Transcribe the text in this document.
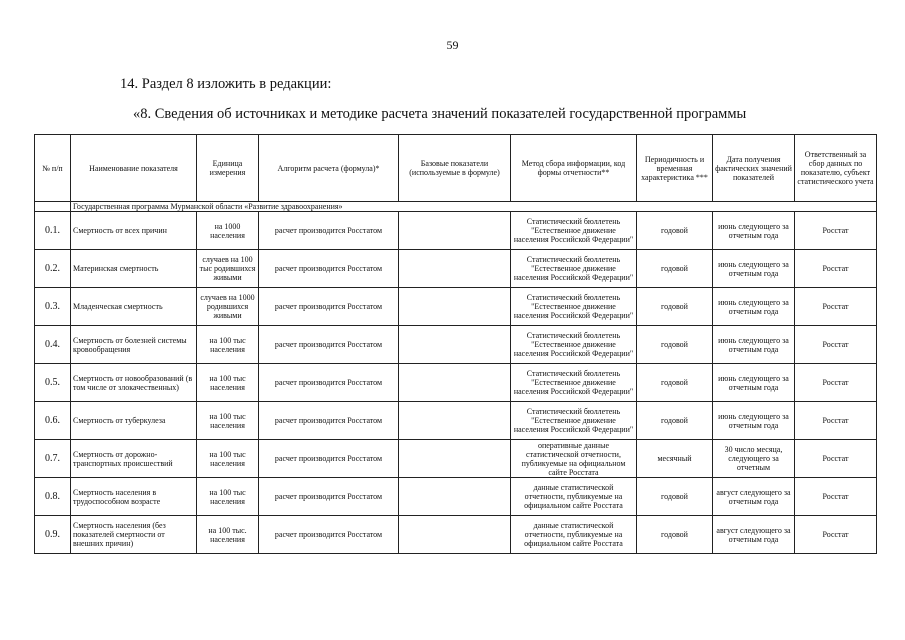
59
14. Раздел 8 изложить в редакции:
«8. Сведения об источниках и методике расчета значений показателей государственной программы
№ п/п	Наименование показателя	Единица измерения	Алгоритм расчета (формула)*	Базовые показатели (используемые в формуле)	Метод сбора информации, код формы отчетности**	Периодичность и временная характеристика ***	Дата получения фактических значений показателей	Ответственный за сбор данных по показателю, субъект статистического учета
	Государственная программа Мурманской области «Развитие здравоохранения»							
0.1.	Смертность от всех причин	на 1000 населения	расчет производится Росстатом		Статистический бюллетень "Естественное движение населения Российской Федерации"	годовой	июнь следующего за отчетным года	Росстат
0.2.	Материнская смертность	случаев на 100 тыс родившихся живыми	расчет производится Росстатом		Статистический бюллетень "Естественное движение населения Российской Федерации"	годовой	июнь следующего за отчетным года	Росстат
0.3.	Младенческая смертность	случаев на 1000 родившихся живыми	расчет производится Росстатом		Статистический бюллетень "Естественное движение населения Российской Федерации"	годовой	июнь следующего за отчетным года	Росстат
0.4.	Смертность от болезней системы кровообращения	на 100 тыс населения	расчет производится Росстатом		Статистический бюллетень "Естественное движение населения Российской Федерации"	годовой	июнь следующего за отчетным года	Росстат
0.5.	Смертность от новообразований (в том числе от злокачественных)	на 100 тыс населения	расчет производится Росстатом		Статистический бюллетень "Естественное движение населения Российской Федерации"	годовой	июнь следующего за отчетным года	Росстат
0.6.	Смертность от туберкулеза	на 100 тыс населения	расчет производится Росстатом		Статистический бюллетень "Естественное движение населения Российской Федерации"	годовой	июнь следующего за отчетным года	Росстат
0.7.	Смертность от дорожно-транспортных происшествий	на 100 тыс населения	расчет производится Росстатом		оперативные данные статистической отчетности, публикуемые на официальном сайте Росстата	месячный	30 число месяца, следующего за отчетным	Росстат
0.8.	Смертность населения в трудоспособном возрасте	на 100 тыс населения	расчет производится Росстатом		данные статистической отчетности, публикуемые на официальном сайте Росстата	годовой	август следующего за отчетным года	Росстат
0.9.	Смертность населения (без показателей смертности от внешних причин)	на 100 тыс. населения	расчет производится Росстатом		данные статистической отчетности, публикуемые на официальном сайте Росстата	годовой	август следующего за отчетным года	Росстат
